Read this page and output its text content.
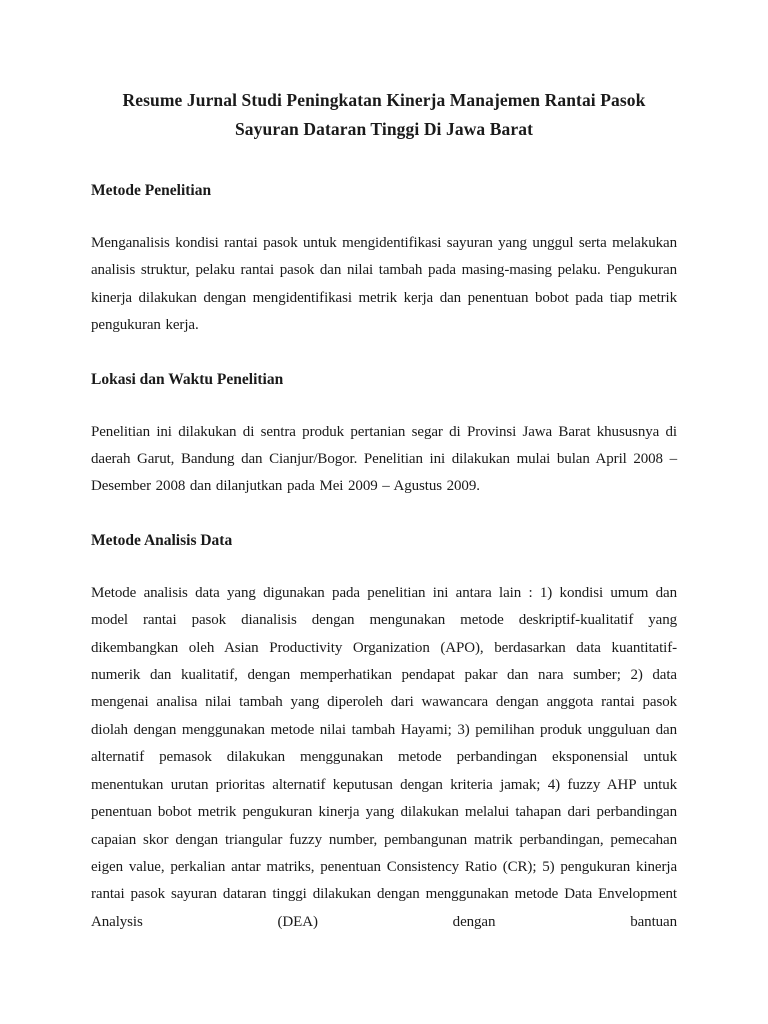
Resume Jurnal Studi Peningkatan Kinerja Manajemen Rantai Pasok Sayuran Dataran Tinggi Di Jawa Barat
Metode Penelitian

Menganalisis kondisi rantai pasok untuk mengidentifikasi sayuran yang unggul serta melakukan analisis struktur, pelaku rantai pasok dan nilai tambah pada masing-masing pelaku. Pengukuran kinerja dilakukan dengan mengidentifikasi metrik kerja dan penentuan bobot pada tiap metrik pengukuran kerja.

Lokasi dan Waktu Penelitian

Penelitian ini dilakukan di sentra produk pertanian segar di Provinsi Jawa Barat khususnya di daerah Garut, Bandung dan Cianjur/Bogor. Penelitian ini dilakukan mulai bulan April 2008 – Desember 2008 dan dilanjutkan pada Mei 2009 – Agustus 2009.

Metode Analisis Data

Metode analisis data yang digunakan pada penelitian ini antara lain : 1) kondisi umum dan model rantai pasok dianalisis dengan mengunakan metode deskriptif-kualitatif yang dikembangkan oleh Asian Productivity Organization (APO), berdasarkan data kuantitatif-numerik dan kualitatif, dengan memperhatikan pendapat pakar dan nara sumber; 2) data mengenai analisa nilai tambah yang diperoleh dari wawancara dengan anggota rantai pasok diolah dengan menggunakan metode nilai tambah Hayami; 3) pemilihan produk ungguluan dan alternatif pemasok dilakukan menggunakan metode perbandingan eksponensial untuk menentukan urutan prioritas alternatif keputusan dengan kriteria jamak; 4) fuzzy AHP untuk penentuan bobot metrik pengukuran kinerja yang dilakukan melalui tahapan dari perbandingan capaian skor dengan triangular fuzzy number, pembangunan matrik perbandingan, pemecahan eigen value, perkalian antar matriks, penentuan Consistency Ratio (CR); 5) pengukuran kinerja rantai pasok sayuran dataran tinggi dilakukan dengan menggunakan metode Data Envelopment Analysis (DEA) dengan bantuan
